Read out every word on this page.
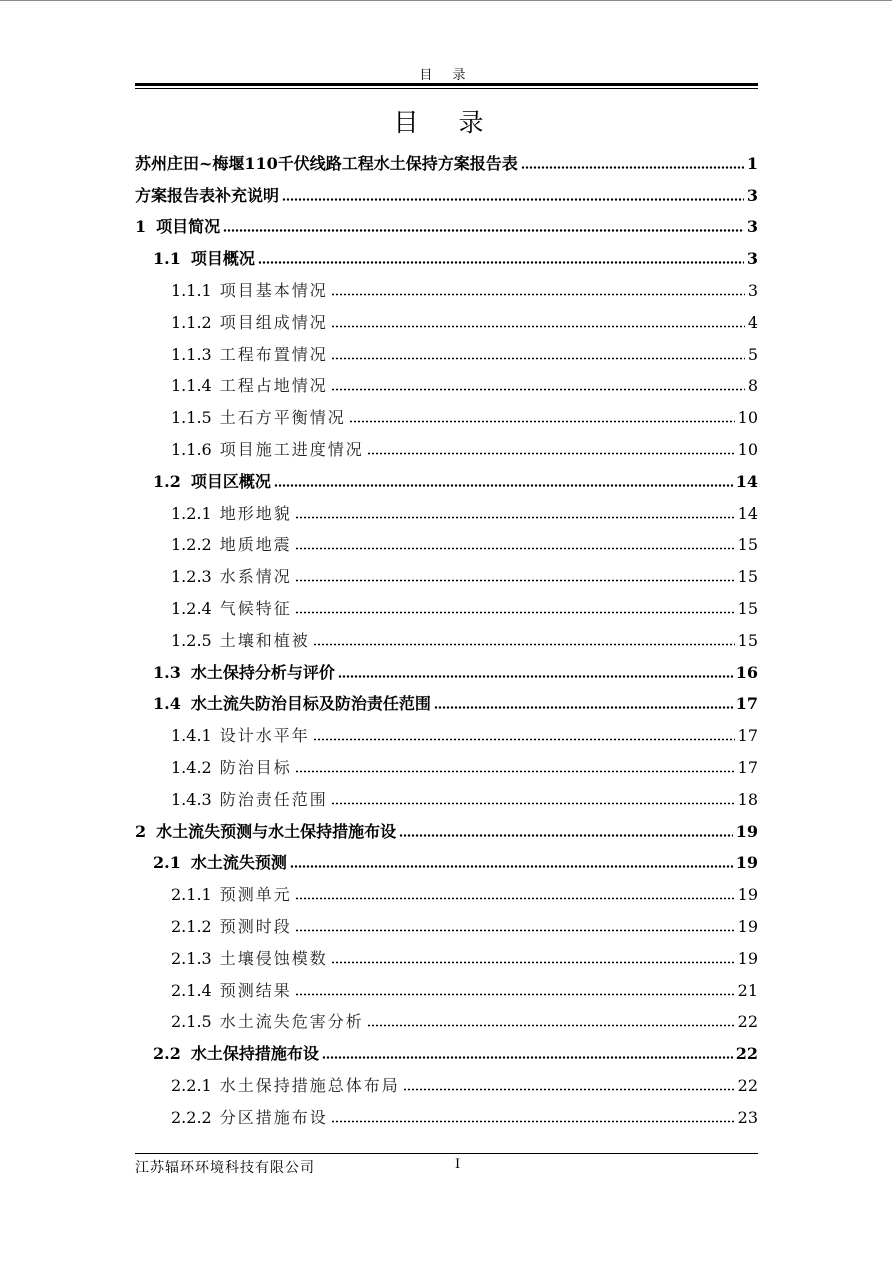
目 录
目 录
苏州庄田~梅堰110千伏线路工程水土保持方案报告表	1
方案报告表补充说明	3
1 项目简况	3
1.1 项目概况	3
1.1.1 项目基本情况	3
1.1.2 项目组成情况	4
1.1.3 工程布置情况	5
1.1.4 工程占地情况	8
1.1.5 土石方平衡情况	10
1.1.6 项目施工进度情况	10
1.2 项目区概况	14
1.2.1 地形地貌	14
1.2.2 地质地震	15
1.2.3 水系情况	15
1.2.4 气候特征	15
1.2.5 土壤和植被	15
1.3 水土保持分析与评价	16
1.4 水土流失防治目标及防治责任范围	17
1.4.1 设计水平年	17
1.4.2 防治目标	17
1.4.3 防治责任范围	18
2 水土流失预测与水土保持措施布设	19
2.1 水土流失预测	19
2.1.1 预测单元	19
2.1.2 预测时段	19
2.1.3 土壤侵蚀模数	19
2.1.4 预测结果	21
2.1.5 水土流失危害分析	22
2.2 水土保持措施布设	22
2.2.1 水土保持措施总体布局	22
2.2.2 分区措施布设	23
江苏辐环环境科技有限公司	I
